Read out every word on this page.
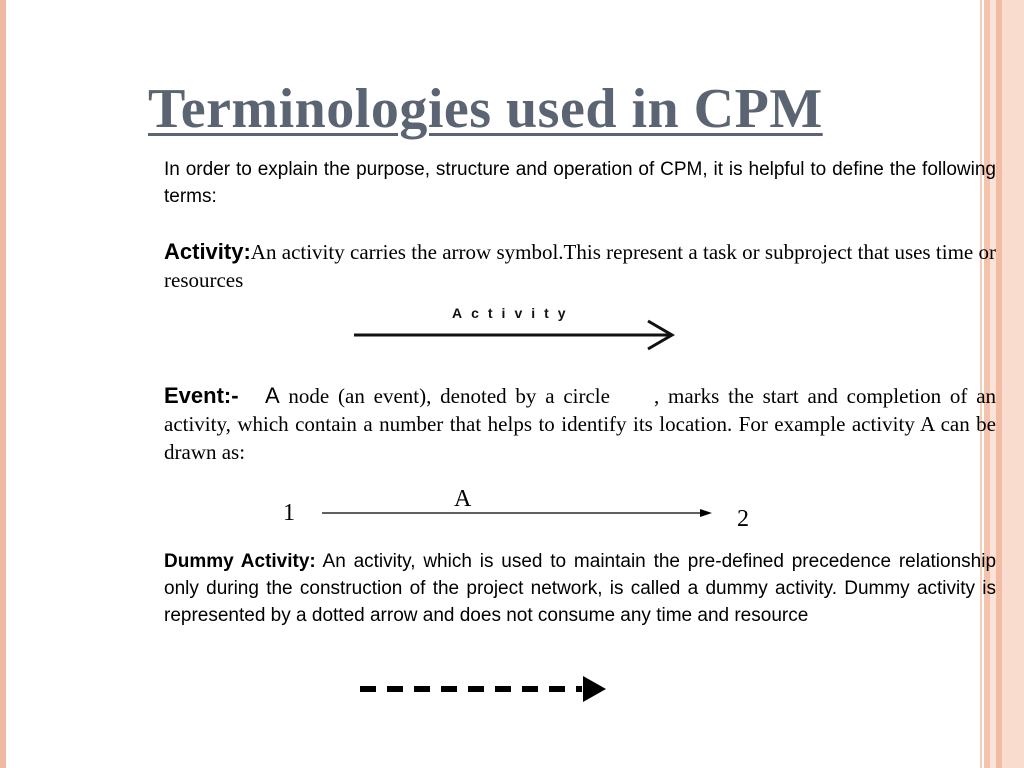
Terminologies used in CPM

In order to explain the purpose, structure and operation of CPM, it is helpful to define the following terms:

Activity:An activity carries the arrow symbol.This represent a task or subproject that uses time or resources

Activity

Event:- A node (an event), denoted by a circle , marks the start and completion of an activity, which contain a number that helps to identify its location. For example activity A can be drawn as:

1
A
2

Dummy Activity: An activity, which is used to maintain the pre-defined precedence relationship only during the construction of the project network, is called a dummy activity. Dummy activity is represented by a dotted arrow and does not consume any time and resource
